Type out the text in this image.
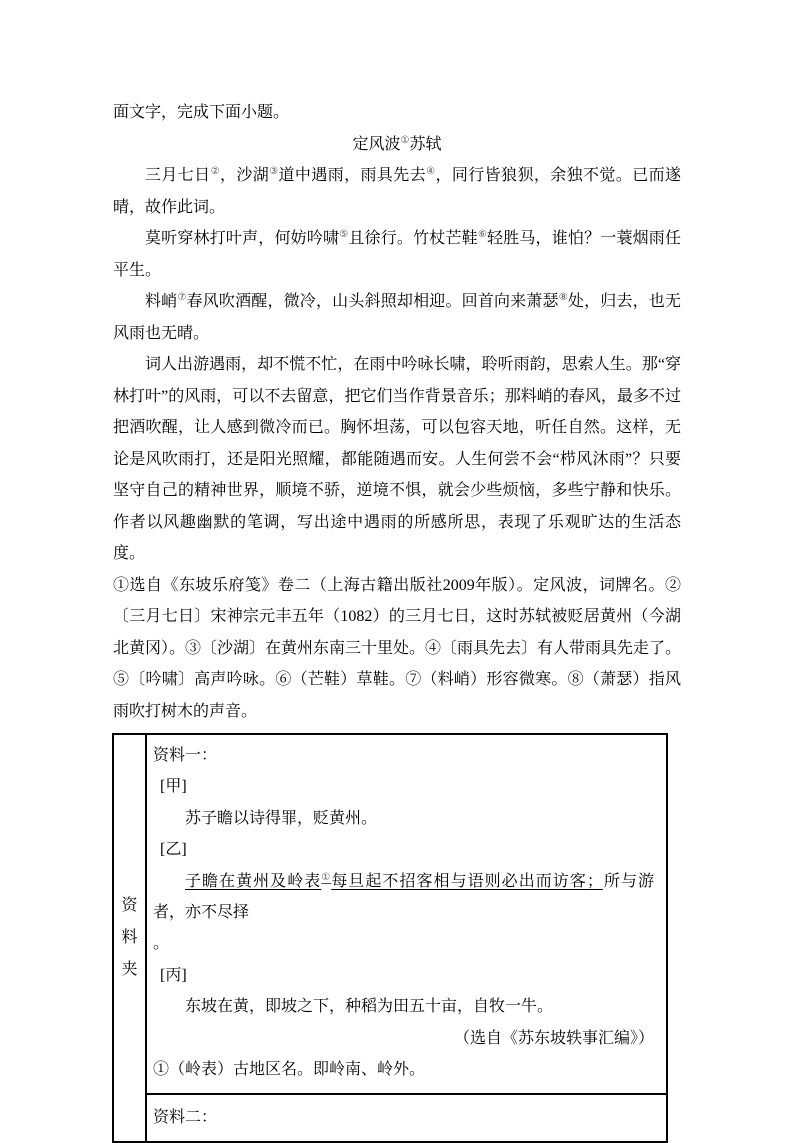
面文字，完成下面小题。

定风波①苏轼

三月七日②，沙湖③道中遇雨，雨具先去④，同行皆狼狈，余独不觉。已而遂晴，故作此词。

莫听穿林打叶声，何妨吟啸⑤且徐行。竹杖芒鞋⑥轻胜马，谁怕？一蓑烟雨任平生。

料峭⑦春风吹酒醒，微冷，山头斜照却相迎。回首向来萧瑟⑧处，归去，也无风雨也无晴。

词人出游遇雨，却不慌不忙，在雨中吟咏长啸，聆听雨韵，思索人生。那“穿林打叶”的风雨，可以不去留意，把它们当作背景音乐；那料峭的春风，最多不过把酒吹醒，让人感到微冷而已。胸怀坦荡，可以包容天地，听任自然。这样，无论是风吹雨打，还是阳光照耀，都能随遇而安。人生何尝不会“栉风沐雨”？只要坚守自己的精神世界，顺境不骄，逆境不惧，就会少些烦恼，多些宁静和快乐。作者以风趣幽默的笔调，写出途中遇雨的所感所思，表现了乐观旷达的生活态度。

①选自《东坡乐府笺》卷二（上海古籍出版社2009年版）。定风波，词牌名。②〔三月七日〕宋神宗元丰五年（1082）的三月七日，这时苏轼被贬居黄州（今湖北黄冈）。③〔沙湖〕在黄州东南三十里处。④〔雨具先去〕有人带雨具先走了。⑤〔吟啸〕高声吟咏。⑥（芒鞋）草鞋。⑦（料峭）形容微寒。⑧（萧瑟）指风雨吹打树木的声音。

资
料
夹
资料一：
[甲]
苏子瞻以诗得罪，贬黄州。
[乙]
子瞻在黄州及岭表①每旦起不招客相与语则必出而访客；所与游者，亦不尽择
。
[丙]
东坡在黄，即坡之下，种稻为田五十亩，自牧一牛。
（选自《苏东坡轶事汇编》）
①（岭表）古地区名。即岭南、岭外。
资料二：
